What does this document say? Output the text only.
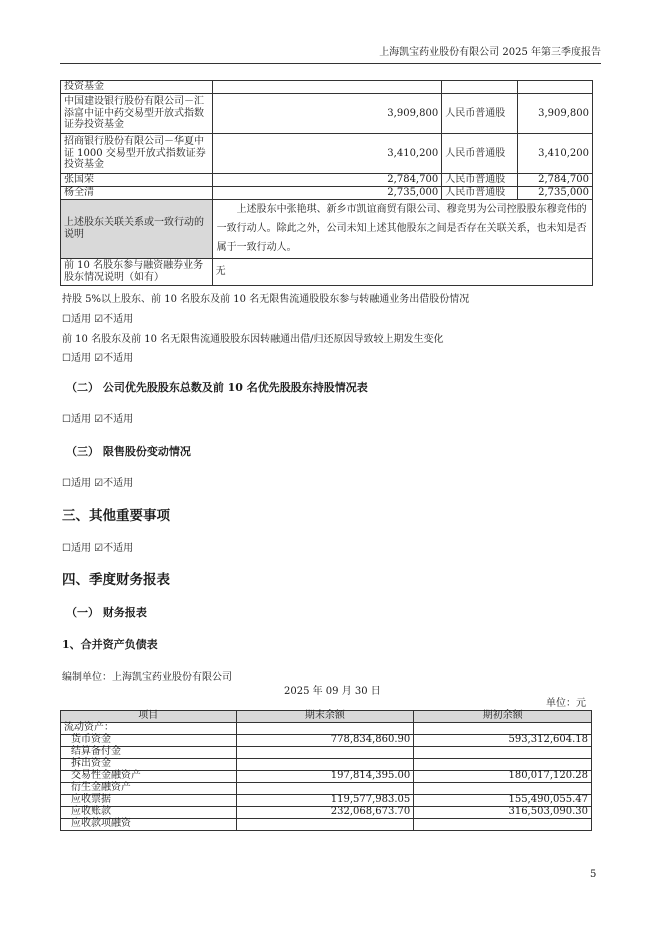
上海凯宝药业股份有限公司 2025 年第三季度报告
投资基金			
中国建设银行股份有限公司－汇添富中证中药交易型开放式指数证券投资基金	3,909,800	人民币普通股	3,909,800
招商银行股份有限公司－华夏中证 1000 交易型开放式指数证券投资基金	3,410,200	人民币普通股	3,410,200
张国荣	2,784,700	人民币普通股	2,784,700
杨全清	2,735,000	人民币普通股	2,735,000
上述股东关联关系或一致行动的说明	上述股东中张艳琪、新乡市凯谊商贸有限公司、穆竞男为公司控股股东穆竞伟的一致行动人。除此之外，公司未知上述其他股东之间是否存在关联关系，也未知是否属于一致行动人。		
前 10 名股东参与融资融券业务股东情况说明（如有）	无		
持股 5%以上股东、前 10 名股东及前 10 名无限售流通股股东参与转融通业务出借股份情况
☐适用 ☑不适用
前 10 名股东及前 10 名无限售流通股股东因转融通出借/归还原因导致较上期发生变化
☐适用 ☑不适用
（二） 公司优先股股东总数及前 10 名优先股股东持股情况表
☐适用 ☑不适用
（三） 限售股份变动情况
☐适用 ☑不适用
三、其他重要事项
☐适用 ☑不适用
四、季度财务报表
（一） 财务报表
1、合并资产负债表
编制单位：上海凯宝药业股份有限公司
2025 年 09 月 30 日
单位：元
项目	期末余额	期初余额
流动资产：		
货币资金	778,834,860.90	593,312,604.18
结算备付金		
拆出资金		
交易性金融资产	197,814,395.00	180,017,120.28
衍生金融资产		
应收票据	119,577,983.05	155,490,055.47
应收账款	232,068,673.70	316,503,090.30
应收款项融资		
5
